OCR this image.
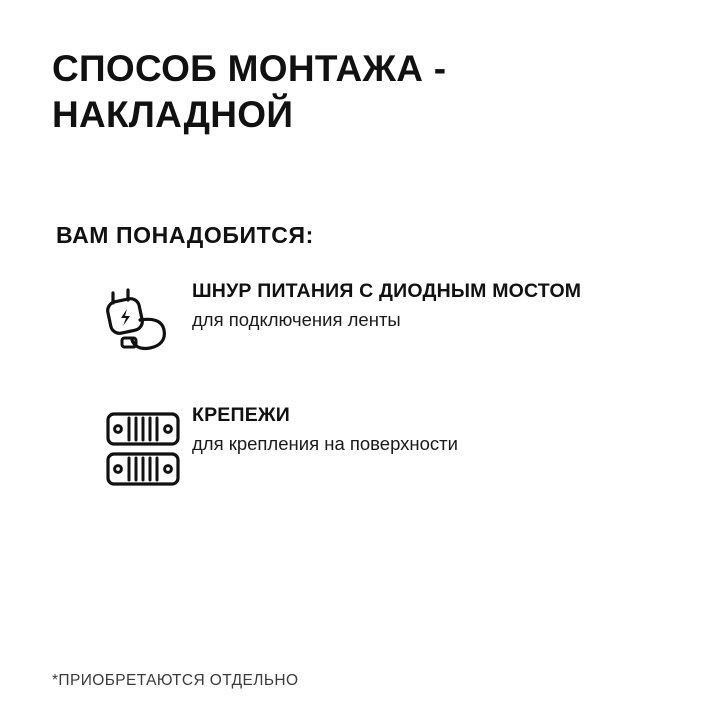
СПОСОБ МОНТАЖА - НАКЛАДНОЙ
ВАМ ПОНАДОБИТСЯ:
ШНУР ПИТАНИЯ С ДИОДНЫМ МОСТОМ
для подключения ленты
КРЕПЕЖИ
для крепления на поверхности
*ПРИОБРЕТАЮТСЯ ОТДЕЛЬНО
